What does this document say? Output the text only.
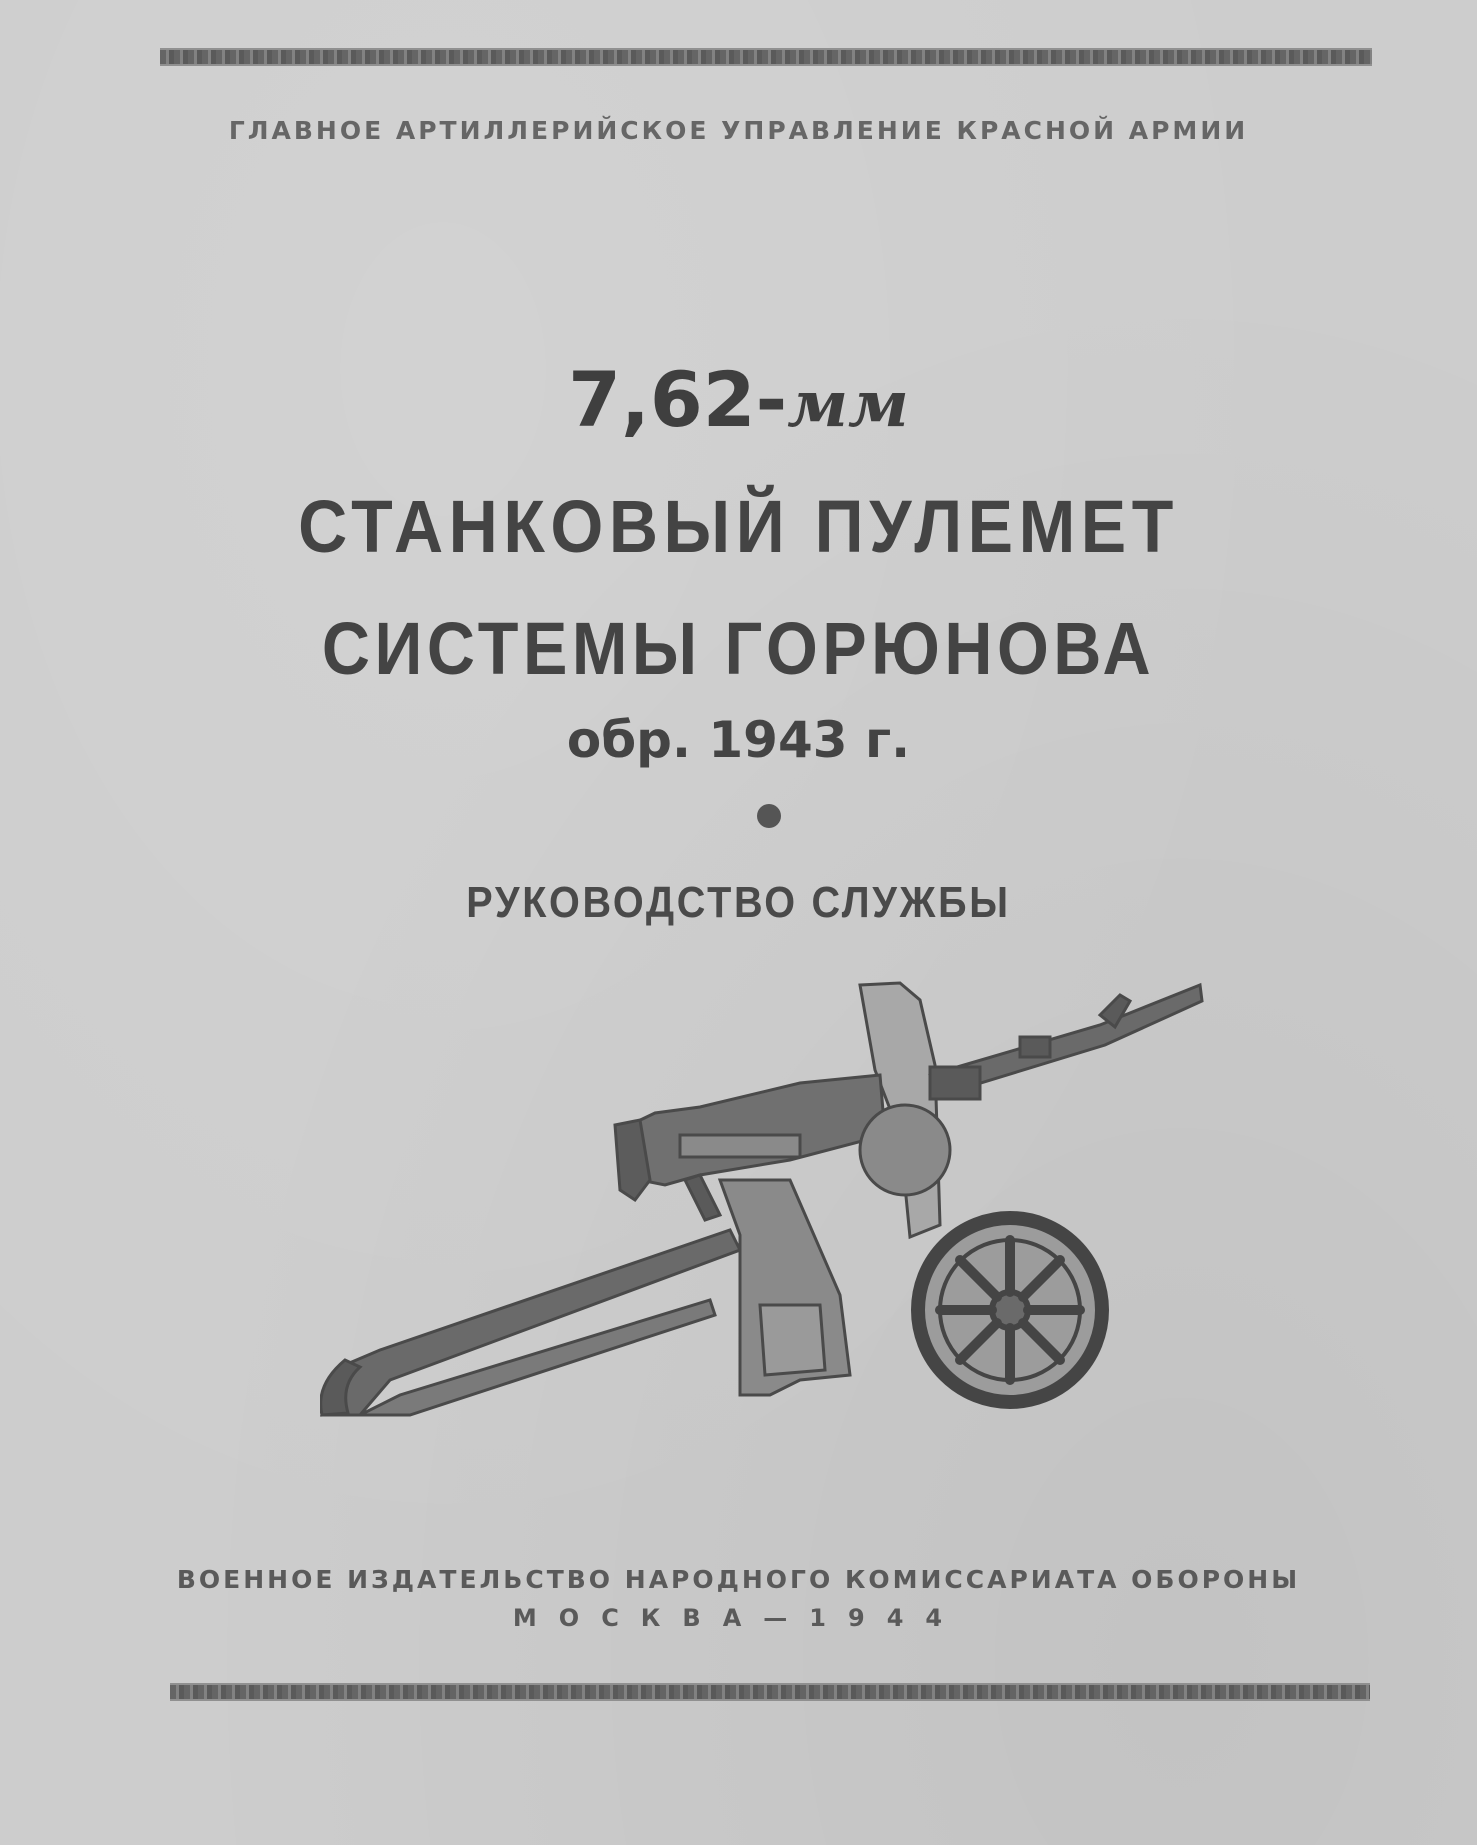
ГЛАВНОЕ АРТИЛЛЕРИЙСКОЕ УПРАВЛЕНИЕ КРАСНОЙ АРМИИ
7,62-мм
СТАНКОВЫЙ ПУЛЕМЕТ
СИСТЕМЫ ГОРЮНОВА
обр. 1943 г.
РУКОВОДСТВО СЛУЖБЫ
ВОЕННОЕ ИЗДАТЕЛЬСТВО НАРОДНОГО КОМИССАРИАТА ОБОРОНЫ
МОСКВА—1944
